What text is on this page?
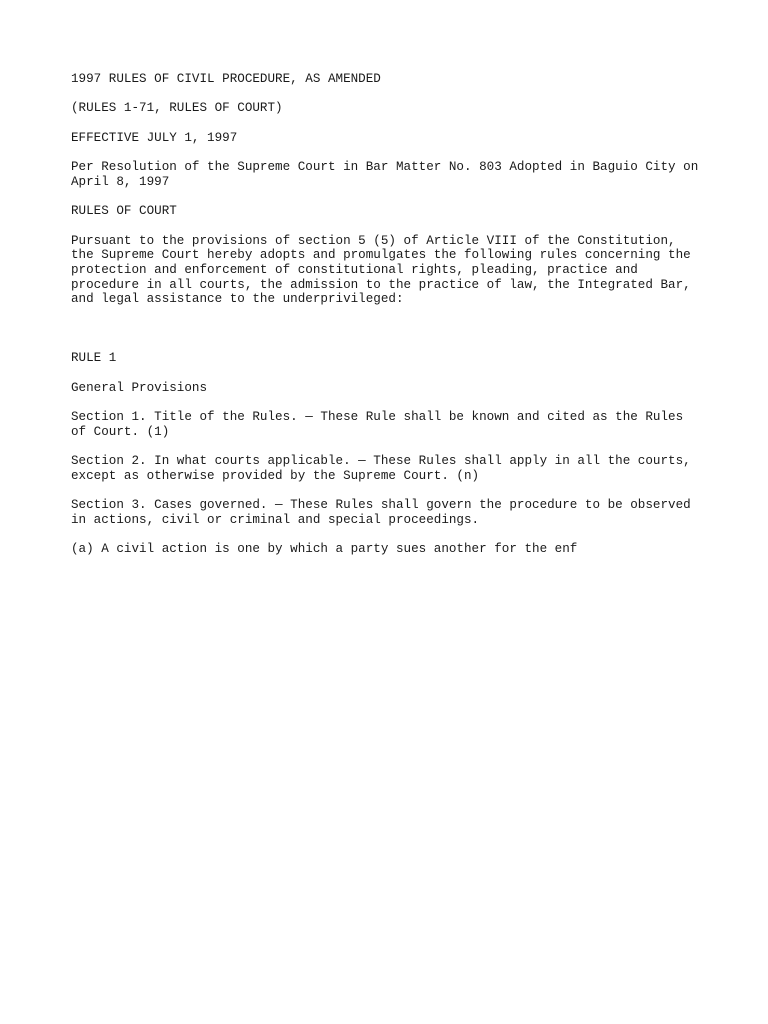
1997 RULES OF CIVIL PROCEDURE, AS AMENDED

(RULES 1-71, RULES OF COURT)

EFFECTIVE JULY 1, 1997

Per Resolution of the Supreme Court in Bar Matter No. 803 Adopted in Baguio City on
April 8, 1997

RULES OF COURT

Pursuant to the provisions of section 5 (5) of Article VIII of the Constitution,
the Supreme Court hereby adopts and promulgates the following rules concerning the
protection and enforcement of constitutional rights, pleading, practice and
procedure in all courts, the admission to the practice of law, the Integrated Bar,
and legal assistance to the underprivileged:

RULE 1

General Provisions

Section 1. Title of the Rules. — These Rule shall be known and cited as the Rules
of Court. (1)

Section 2. In what courts applicable. — These Rules shall apply in all the courts,
except as otherwise provided by the Supreme Court. (n)

Section 3. Cases governed. — These Rules shall govern the procedure to be observed
in actions, civil or criminal and special proceedings.

(a) A civil action is one by which a party sues another for the enf
